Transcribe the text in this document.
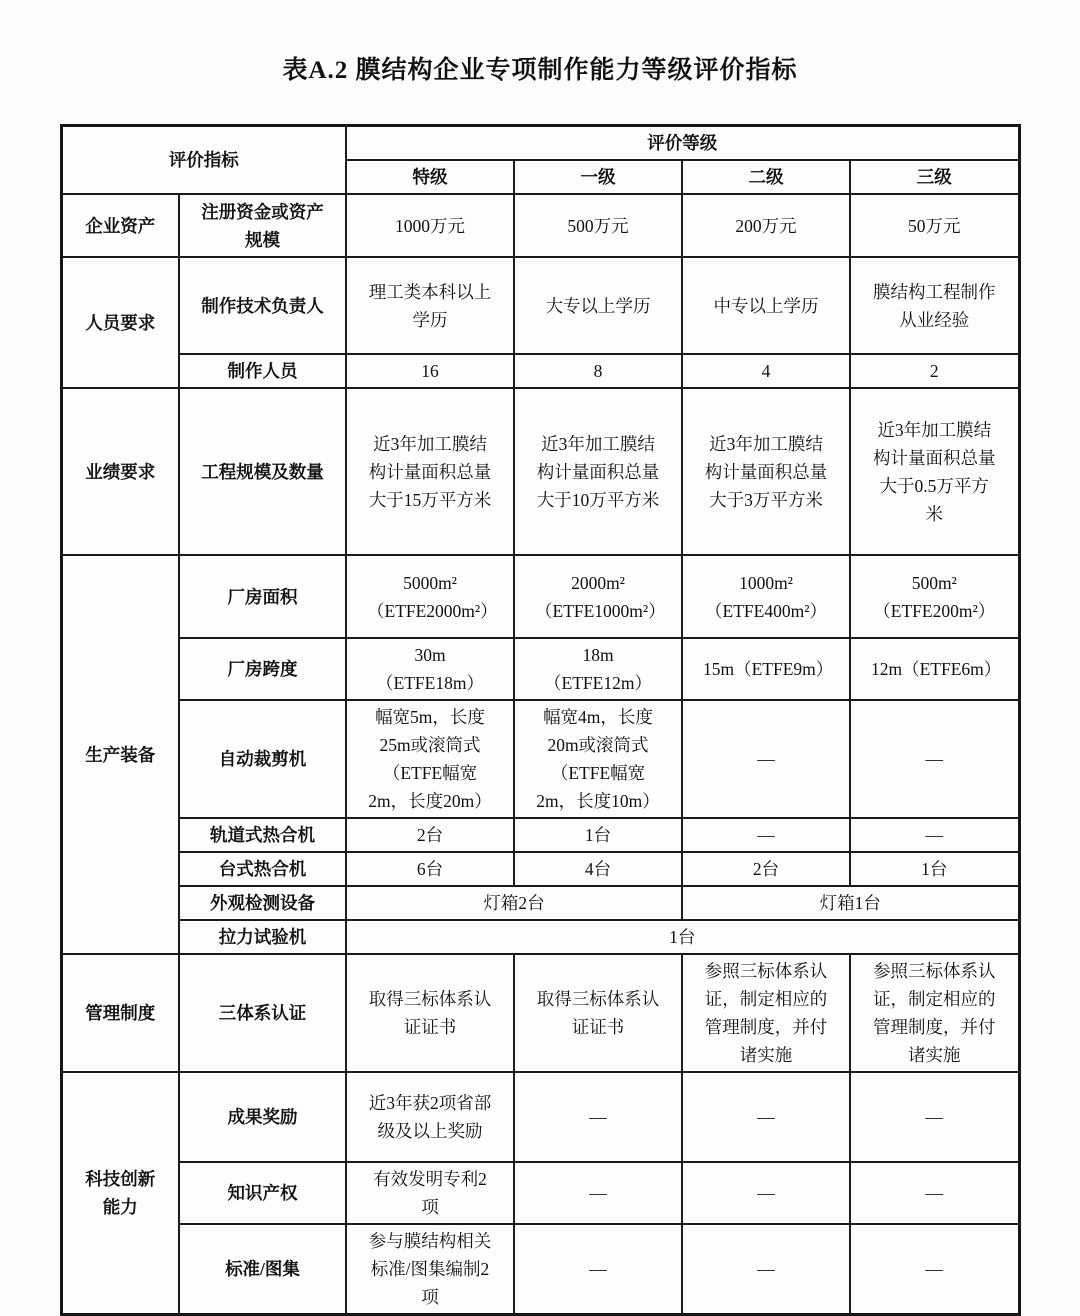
表A.2 膜结构企业专项制作能力等级评价指标
评价指标		评价等级			
		特级	一级	二级	三级
企业资产	注册资金或资产规模	1000万元	500万元	200万元	50万元
人员要求	制作技术负责人	理工类本科以上学历	大专以上学历	中专以上学历	膜结构工程制作从业经验
	制作人员	16	8	4	2
业绩要求	工程规模及数量	近3年加工膜结构计量面积总量大于15万平方米	近3年加工膜结构计量面积总量大于10万平方米	近3年加工膜结构计量面积总量大于3万平方米	近3年加工膜结构计量面积总量大于0.5万平方米
生产装备	厂房面积	5000m²（ETFE2000m²）	2000m²（ETFE1000m²）	1000m²（ETFE400m²）	500m²（ETFE200m²）
	厂房跨度	30m（ETFE18m）	18m（ETFE12m）	15m（ETFE9m）	12m（ETFE6m）
	自动裁剪机	幅宽5m，长度25m或滚筒式（ETFE幅宽2m，长度20m）	幅宽4m，长度20m或滚筒式（ETFE幅宽2m，长度10m）	—	—
	轨道式热合机	2台	1台	—	—
	台式热合机	6台	4台	2台	1台
	外观检测设备	灯箱2台		灯箱1台	
	拉力试验机	1台			
管理制度	三体系认证	取得三标体系认证证书	取得三标体系认证证书	参照三标体系认证，制定相应的管理制度，并付诸实施	参照三标体系认证，制定相应的管理制度，并付诸实施
科技创新能力	成果奖励	近3年获2项省部级及以上奖励	—	—	—
	知识产权	有效发明专利2项	—	—	—
	标准/图集	参与膜结构相关标准/图集编制2项	—	—	—
